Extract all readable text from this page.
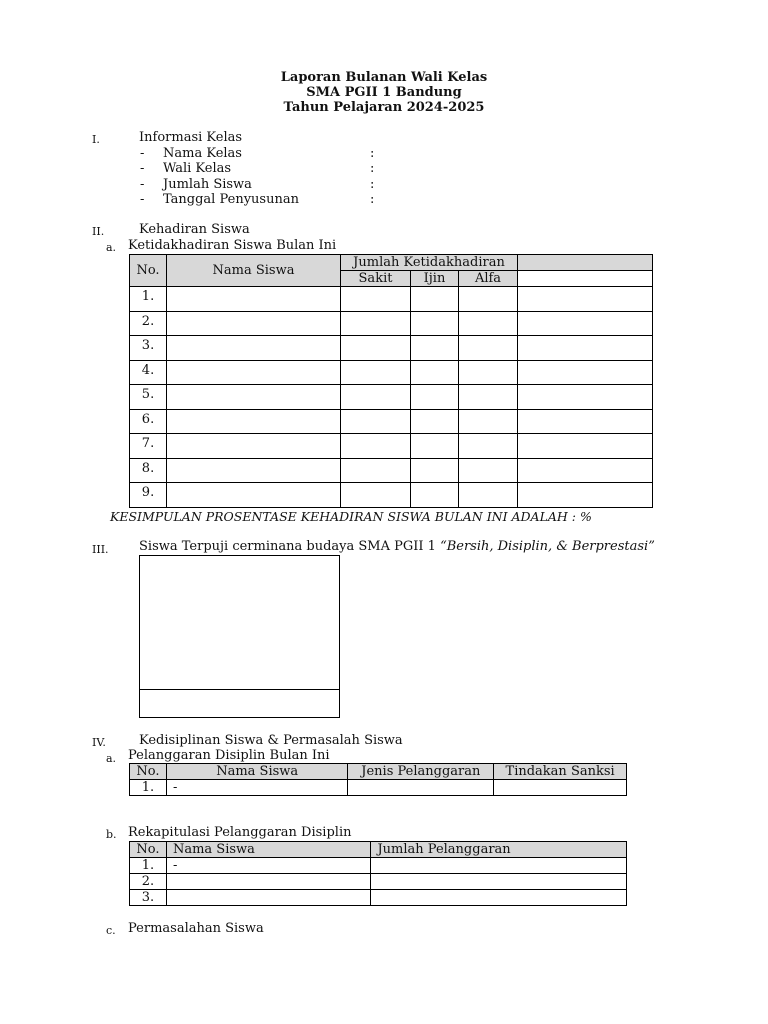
Laporan Bulanan Wali Kelas
SMA PGII 1 Bandung
Tahun Pelajaran 2024-2025
I.	Informasi Kelas
- Nama Kelas	:
- Wali Kelas	:
- Jumlah Siswa	:
- Tanggal Penyusunan	:
II.	Kehadiran Siswa
a. Ketidakhadiran Siswa Bulan Ini
No.	Nama Siswa	Jumlah Ketidakhadiran			
		Sakit	Ijin	Alfa	
1.					
2.					
3.					
4.					
5.					
6.					
7.					
8.					
9.					
KESIMPULAN PROSENTASE KEHADIRAN SISWA BULAN INI ADALAH : %
III. Siswa Terpuji cerminana budaya SMA PGII 1 “Bersih, Disiplin, & Berprestasi”
IV.	Kedisiplinan Siswa & Permasalah Siswa
a. Pelanggaran Disiplin Bulan Ini
No.	Nama Siswa	Jenis Pelanggaran	Tindakan Sanksi
1.	-		
b. Rekapitulasi Pelanggaran Disiplin
No.	Nama Siswa	Jumlah Pelanggaran
1.	-	
2.		
3.		
c. Permasalahan Siswa
